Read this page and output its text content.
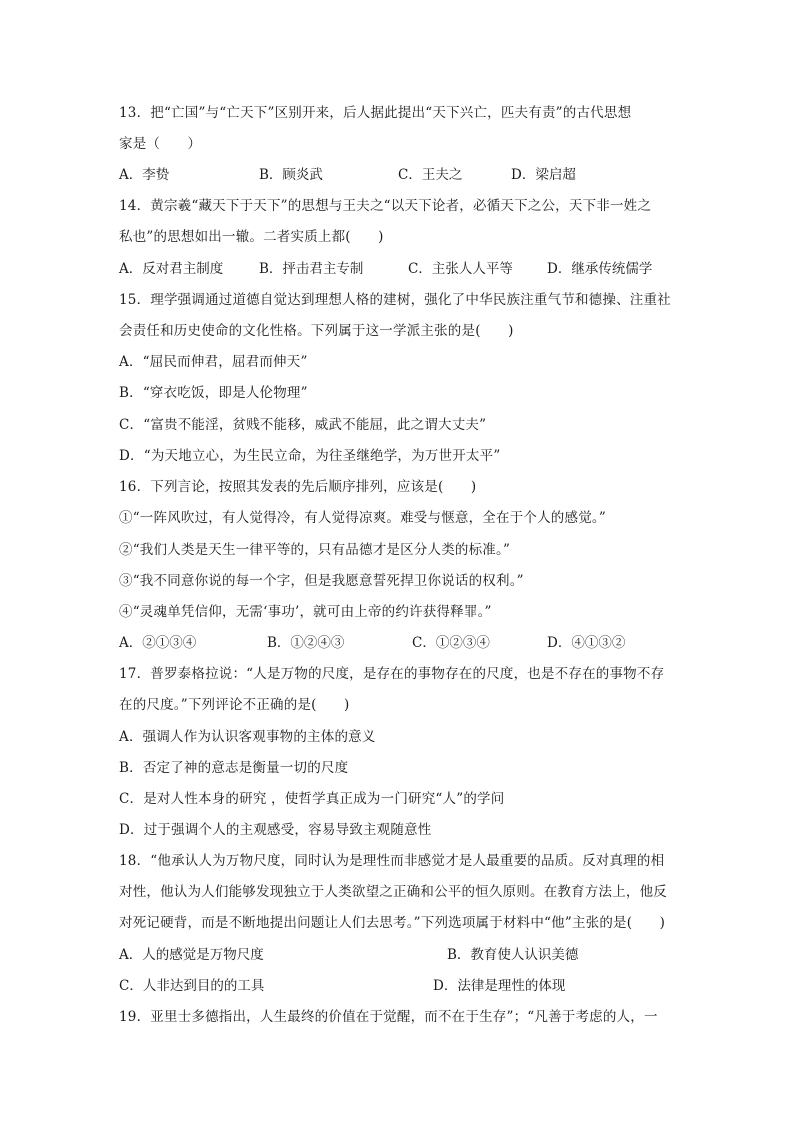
13．把“亡国”与“亡天下”区别开来，后人据此提出“天下兴亡，匹夫有责”的古代思想
家是（　　）
A．李贽	B．顾炎武	C．王夫之	D．梁启超
14．黄宗羲“藏天下于天下”的思想与王夫之“以天下论者，必循天下之公，天下非一姓之
私也”的思想如出一辙。二者实质上都(　　)
A．反对君主制度	B．抨击君主专制	C．主张人人平等	D．继承传统儒学
15．理学强调通过道德自觉达到理想人格的建树，强化了中华民族注重气节和德操、注重社
会责任和历史使命的文化性格。下列属于这一学派主张的是(　　)
A．“屈民而伸君，屈君而伸天”
B．“穿衣吃饭，即是人伦物理”
C．“富贵不能淫，贫贱不能移，威武不能屈，此之谓大丈夫”
D．“为天地立心，为生民立命，为往圣继绝学，为万世开太平”
16．下列言论，按照其发表的先后顺序排列，应该是(　　)
①“一阵风吹过，有人觉得冷，有人觉得凉爽。难受与惬意，全在于个人的感觉。”
②“我们人类是天生一律平等的，只有品德才是区分人类的标准。”
③“我不同意你说的每一个字，但是我愿意誓死捍卫你说话的权利。”
④“灵魂单凭信仰，无需‘事功’，就可由上帝的约许获得释罪。”
A．②①③④	B．①②④③	C．①②③④	D．④①③②
17．普罗泰格拉说：“人是万物的尺度，是存在的事物存在的尺度，也是不存在的事物不存
在的尺度。”下列评论不正确的是(　　)
A．强调人作为认识客观事物的主体的意义
B．否定了神的意志是衡量一切的尺度
C．是对人性本身的研究 ，使哲学真正成为一门研究“人”的学问
D．过于强调个人的主观感受，容易导致主观随意性
18．“他承认人为万物尺度，同时认为是理性而非感觉才是人最重要的品质。反对真理的相
对性，他认为人们能够发现独立于人类欲望之正确和公平的恒久原则。在教育方法上，他反
对死记硬背，而是不断地提出问题让人们去思考。”下列选项属于材料中“他”主张的是(　　)
A．人的感觉是万物尺度	B．教育使人认识美德
C．人非达到目的的工具	D．法律是理性的体现
19．亚里士多德指出，人生最终的价值在于觉醒，而不在于生存”；“凡善于考虑的人，一
